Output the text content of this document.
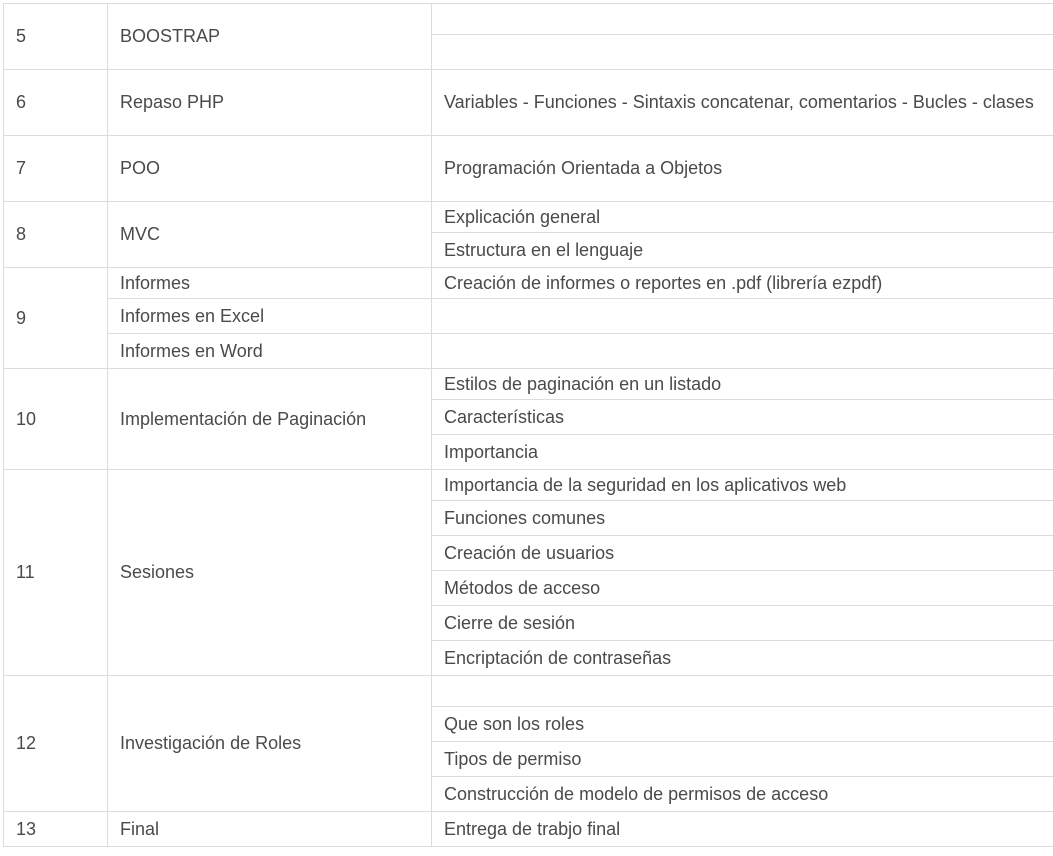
5	BOOSTRAP	

6	Repaso PHP	Variables - Funciones - Sintaxis concatenar, comentarios - Bucles - clases
7	POO	Programación Orientada a Objetos
8	MVC	Explicación general
		Estructura en el lenguaje
9	Informes	Creación de informes o reportes en .pdf (librería ezpdf)
	Informes en Excel	
	Informes en Word	
10	Implementación de Paginación	Estilos de paginación en un listado
		Características
		Importancia
11	Sesiones	Importancia de la seguridad en los aplicativos web
		Funciones comunes
		Creación de usuarios
		Métodos de acceso
		Cierre de sesión
		Encriptación de contraseñas
12	Investigación de Roles	
		Que son los roles
		Tipos de permiso
		Construcción de modelo de permisos de acceso
13	Final	Entrega de trabjo final
